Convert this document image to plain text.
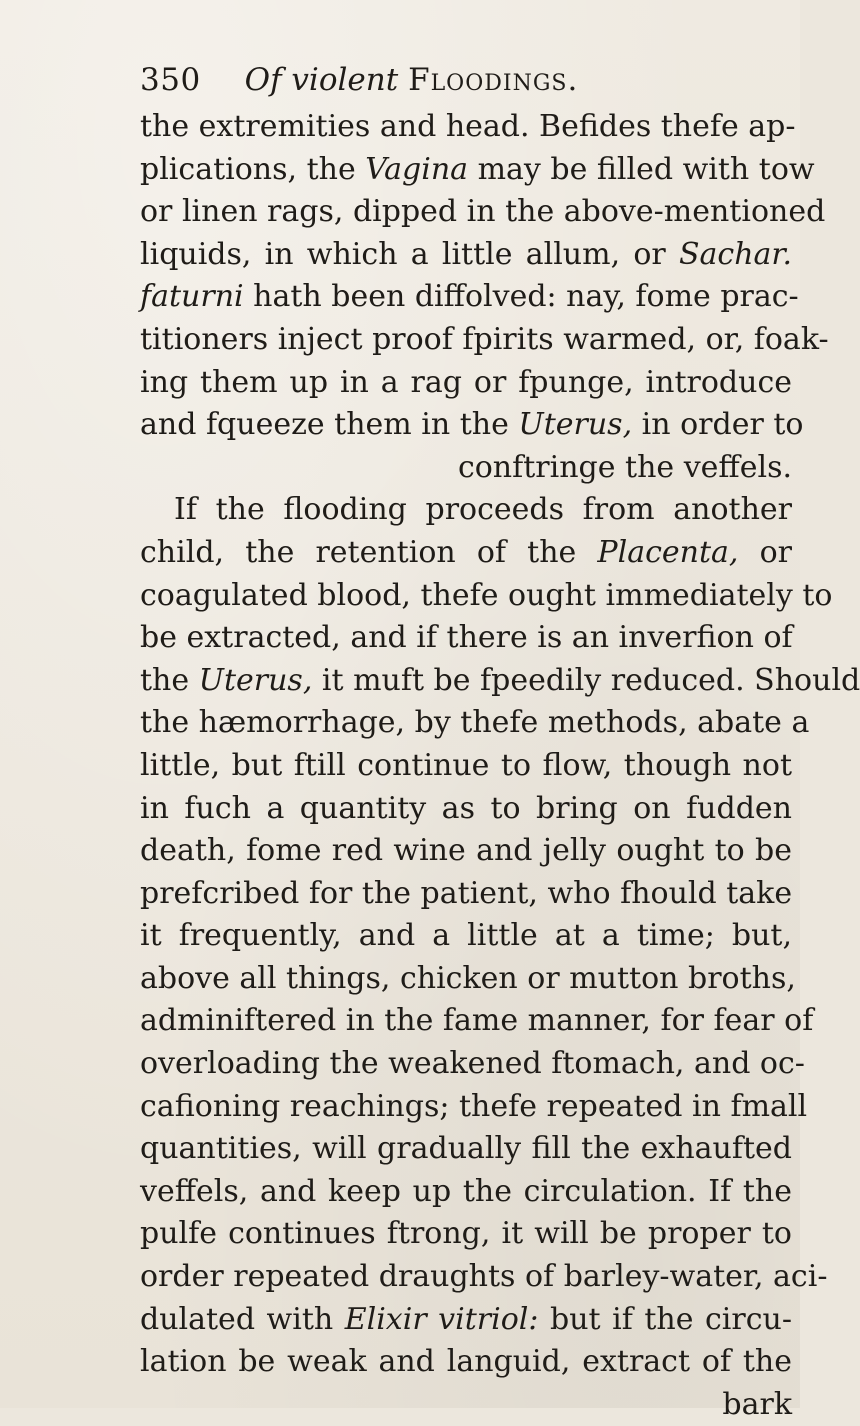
350 Of violent Floodings.
the extremities and head. Befides thefe ap-
plications, the Vagina may be filled with tow
or linen rags, dipped in the above-mentioned
liquids, in which a little allum, or Sachar.
faturni hath been diffolved: nay, fome prac-
titioners inject proof fpirits warmed, or, foak-
ing them up in a rag or fpunge, introduce
and fqueeze them in the Uterus, in order to
conftringe the veffels.
If the flooding proceeds from another
child, the retention of the Placenta, or
coagulated blood, thefe ought immediately to
be extracted, and if there is an inverfion of
the Uterus, it muft be fpeedily reduced. Should
the hæmorrhage, by thefe methods, abate a
little, but ftill continue to flow, though not
in fuch a quantity as to bring on fudden
death, fome red wine and jelly ought to be
prefcribed for the patient, who fhould take
it frequently, and a little at a time; but,
above all things, chicken or mutton broths,
adminiftered in the fame manner, for fear of
overloading the weakened ftomach, and oc-
cafioning reachings; thefe repeated in fmall
quantities, will gradually fill the exhaufted
veffels, and keep up the circulation. If the
pulfe continues ftrong, it will be proper to
order repeated draughts of barley-water, aci-
dulated with Elixir vitriol: but if the circu-
lation be weak and languid, extract of the
bark
